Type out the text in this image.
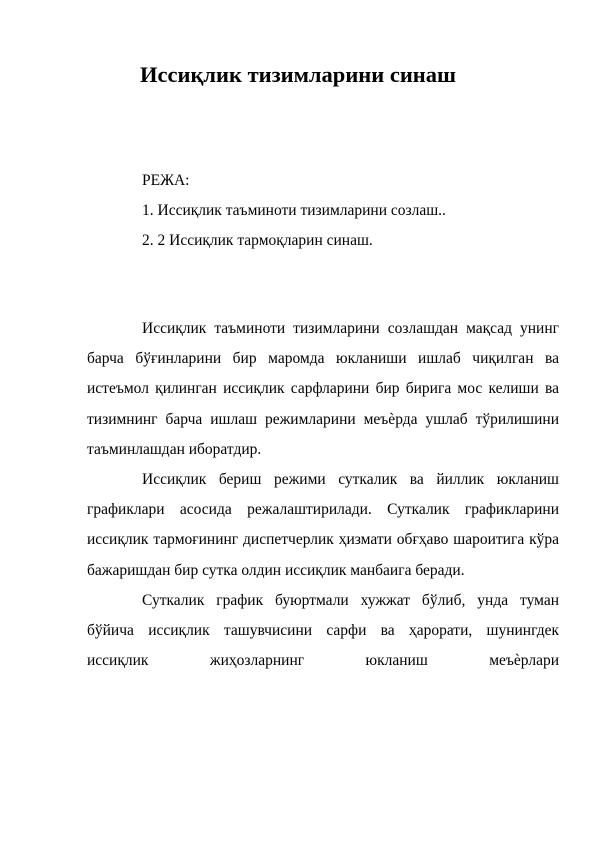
Иссиқлик тизимларини синаш
РЕЖА:
1. Иссиқлик таъминоти тизимларини созлаш..
2. 2 Иссиқлик тармоқларин синаш.

Иссиқлик таъминоти тизимларини созлашдан мақсад унинг барча бўғинларини бир маромда юкланиши ишлаб чиқилган ва истеъмол қилинган иссиқлик сарфларини бир бирига мос келиши ва тизимнинг барча ишлаш режимларини меъѐрда ушлаб тўрилишини таъминлашдан иборатдир.

Иссиқлик бериш режими суткалик ва йиллик юкланиш графиклари асосида режалаштирилади. Суткалик графикларини иссиқлик тармоғининг диспетчерлик ҳизмати обғҳаво шароитига кўра бажаришдан бир сутка олдин иссиқлик манбаига беради.

Суткалик график буюртмали хужжат бўлиб, унда туман бўйича иссиқлик ташувчисини сарфи ва ҳарорати, шунингдек иссиқлик жиҳозларнинг юкланиш меъѐрлари
